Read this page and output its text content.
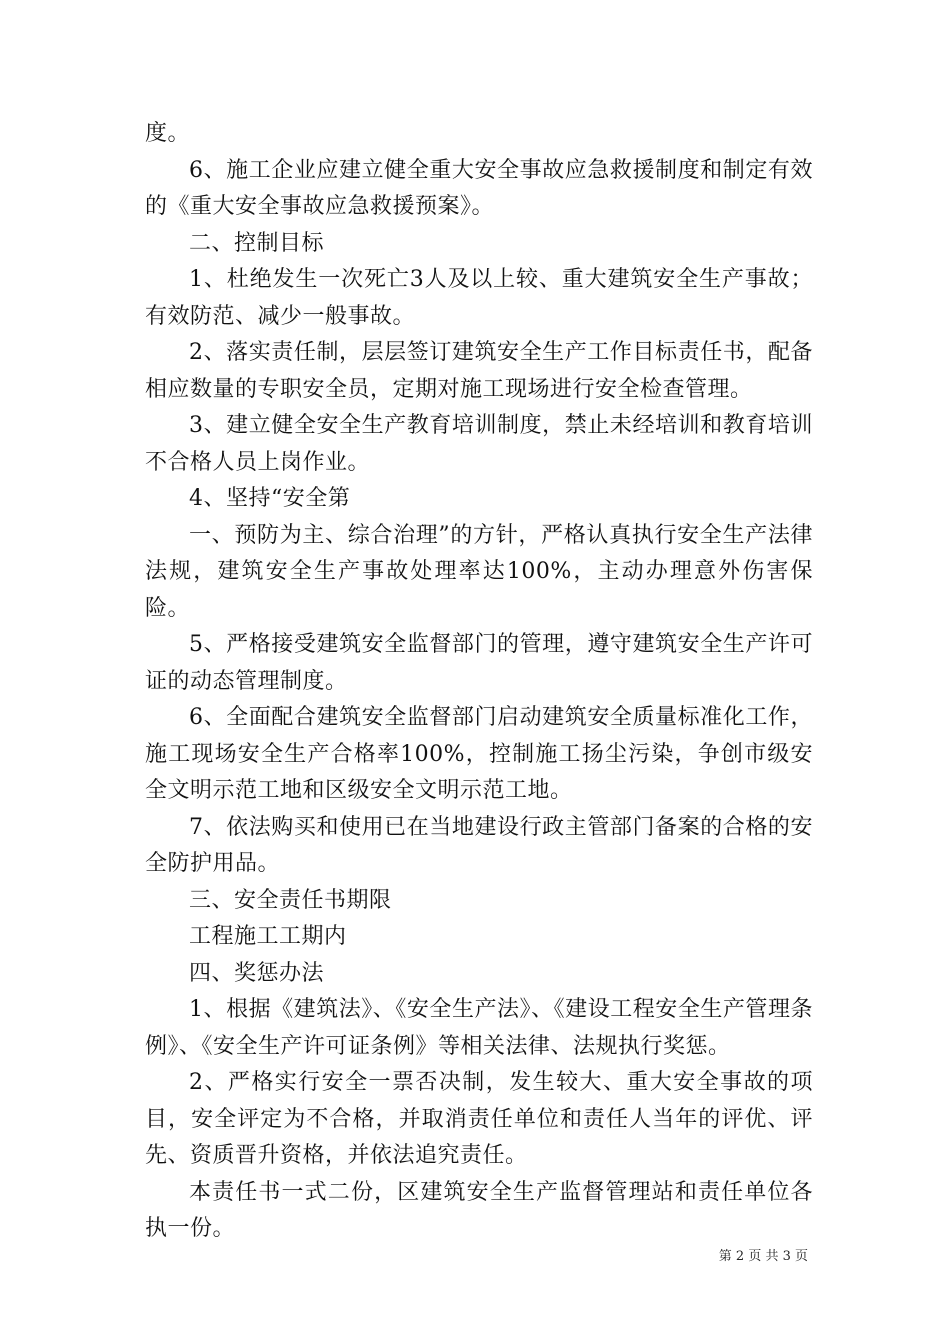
度。

6、施工企业应建立健全重大安全事故应急救援制度和制定有效的《重大安全事故应急救援预案》。

二、控制目标

1、杜绝发生一次死亡3人及以上较、重大建筑安全生产事故；有效防范、减少一般事故。

2、落实责任制，层层签订建筑安全生产工作目标责任书，配备相应数量的专职安全员，定期对施工现场进行安全检查管理。

3、建立健全安全生产教育培训制度，禁止未经培训和教育培训不合格人员上岗作业。

4、坚持“安全第

一、预防为主、综合治理”的方针，严格认真执行安全生产法律法规，建筑安全生产事故处理率达100%，主动办理意外伤害保险。

5、严格接受建筑安全监督部门的管理，遵守建筑安全生产许可证的动态管理制度。

6、全面配合建筑安全监督部门启动建筑安全质量标准化工作，施工现场安全生产合格率100%，控制施工扬尘污染，争创市级安全文明示范工地和区级安全文明示范工地。

7、依法购买和使用已在当地建设行政主管部门备案的合格的安全防护用品。

三、安全责任书期限

工程施工工期内

四、奖惩办法

1、根据《建筑法》、《安全生产法》、《建设工程安全生产管理条例》、《安全生产许可证条例》等相关法律、法规执行奖惩。

2、严格实行安全一票否决制，发生较大、重大安全事故的项目，安全评定为不合格，并取消责任单位和责任人当年的评优、评先、资质晋升资格，并依法追究责任。

本责任书一式二份，区建筑安全生产监督管理站和责任单位各执一份。

第 2 页 共 3 页
